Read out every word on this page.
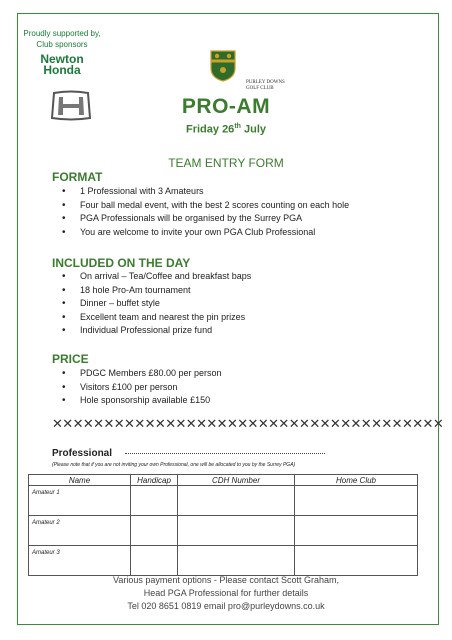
Proudly supported by,
Club sponsors
Newton Honda
PURLEY DOWNS
GOLF CLUB
PRO-AM
Friday 26th July
TEAM ENTRY FORM
FORMAT
• 1 Professional with 3 Amateurs
• Four ball medal event, with the best 2 scores counting on each hole
• PGA Professionals will be organised by the Surrey PGA
• You are welcome to invite your own PGA Club Professional
INCLUDED ON THE DAY
• On arrival – Tea/Coffee and breakfast baps
• 18 hole Pro-Am tournament
• Dinner – buffet style
• Excellent team and nearest the pin prizes
• Individual Professional prize fund
PRICE
• PDGC Members £80.00 per person
• Visitors £100 per person
• Hole sponsorship available £150
✕✕✕✕✕✕✕✕✕✕✕✕✕✕✕✕✕✕✕✕✕✕✕✕✕✕✕✕✕✕✕✕✕✕✕✕✕✕
Professional
(Please note that if you are not inviting your own Professional, one will be allocated to you by the Surrey PGA)
Name	Handicap	CDH Number	Home Club
Amateur 1			
Amateur 2			
Amateur 3			
Various payment options - Please contact Scott Graham,
Head PGA Professional for further details
Tel 020 8651 0819 email pro@purleydowns.co.uk
